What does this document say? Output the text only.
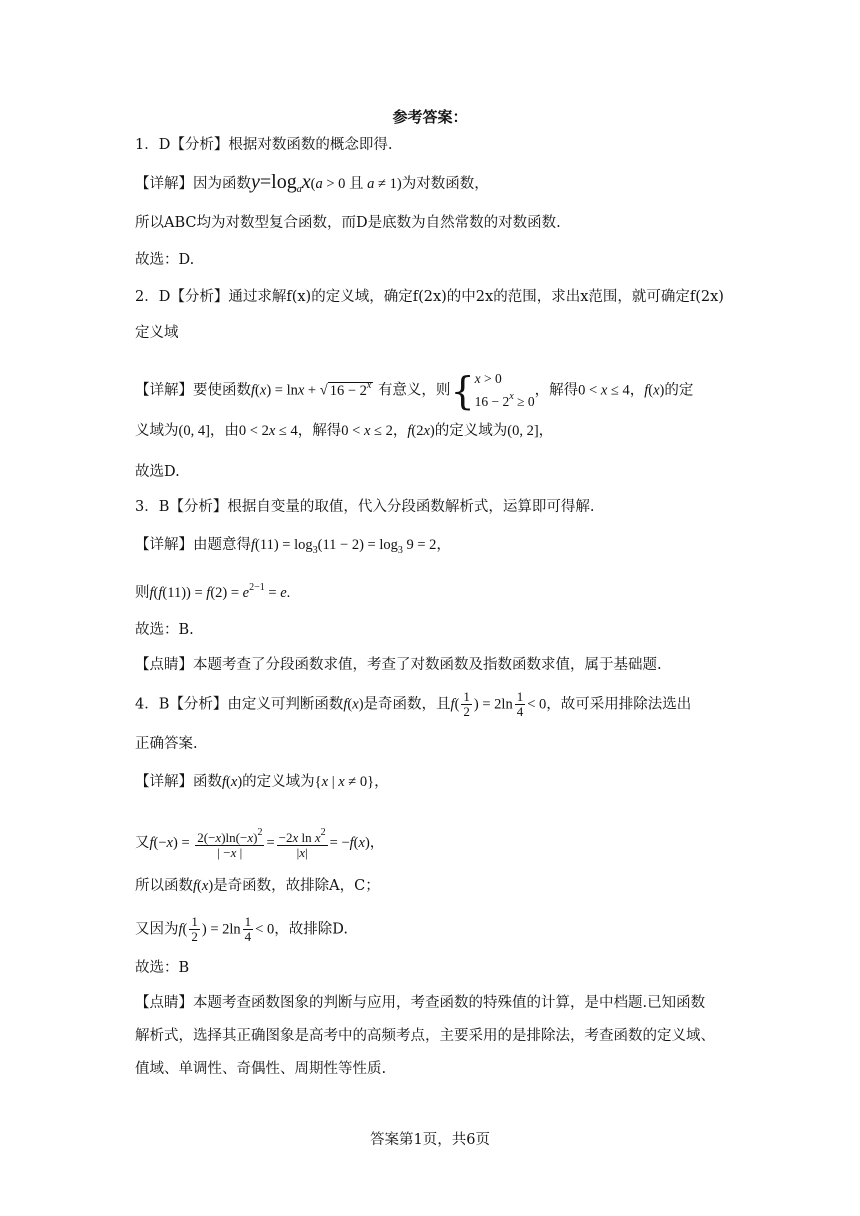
参考答案：
1．D【分析】根据对数函数的概念即得.
【详解】因为函数$y=\log_ax(a > 0$ 且 a ≠ 1)为对数函数，
所以ABC均为对数型复合函数，而D是底数为自然常数的对数函数.
故选：D.
2．D【分析】通过求解f(x)的定义域，确定f(2x)的中2x的范围，求出x范围，就可确定f(2x)
定义域
【详解】要使函数f(x) = lnx + √ $16 - 2^x$ 有意义，则{x > 0
$16 - 2^x \ge 0$，解得0 < x ≤ 4，f(x)的定
义域为(0, 4]，由0 < 2x ≤ 4，解得0 < x ≤ 2，f(2x)的定义域为(0, 2]，
故选D.
3．B【分析】根据自变量的取值，代入分段函数解析式，运算即可得解.
【详解】由题意得$f(11) = \log_3(11 - 2) = \log_3 9 = 2$，
则$f(f(11)) = f(2) = e^{2-1} = e$.
故选：B.
【点睛】本题考查了分段函数求值，考查了对数函数及指数函数求值，属于基础题.
4．B【分析】由定义可判断函数f(x)是奇函数，且$f( \frac{1}{2}$ ) = $2\ln \frac{1}{4} < 0$，故可采用排除法选出
正确答案.
【详解】函数f(x)的定义域为{x | x ≠ 0}，
又$f(-x) = \frac{2(-x)\ln(-x)^2}{| -x |} = \frac{-2x \ln x^2}{|x|} = -f(x)$，
所以函数f(x)是奇函数，故排除A，C；
又因为$f( \frac{1}{2}$ ) = $2\ln \frac{1}{4} < 0$，故排除D.
故选：B
【点睛】本题考查函数图象的判断与应用，考查函数的特殊值的计算，是中档题.已知函数
解析式，选择其正确图象是高考中的高频考点，主要采用的是排除法，考查函数的定义域、
值域、单调性、奇偶性、周期性等性质.
答案第1页，共6页
